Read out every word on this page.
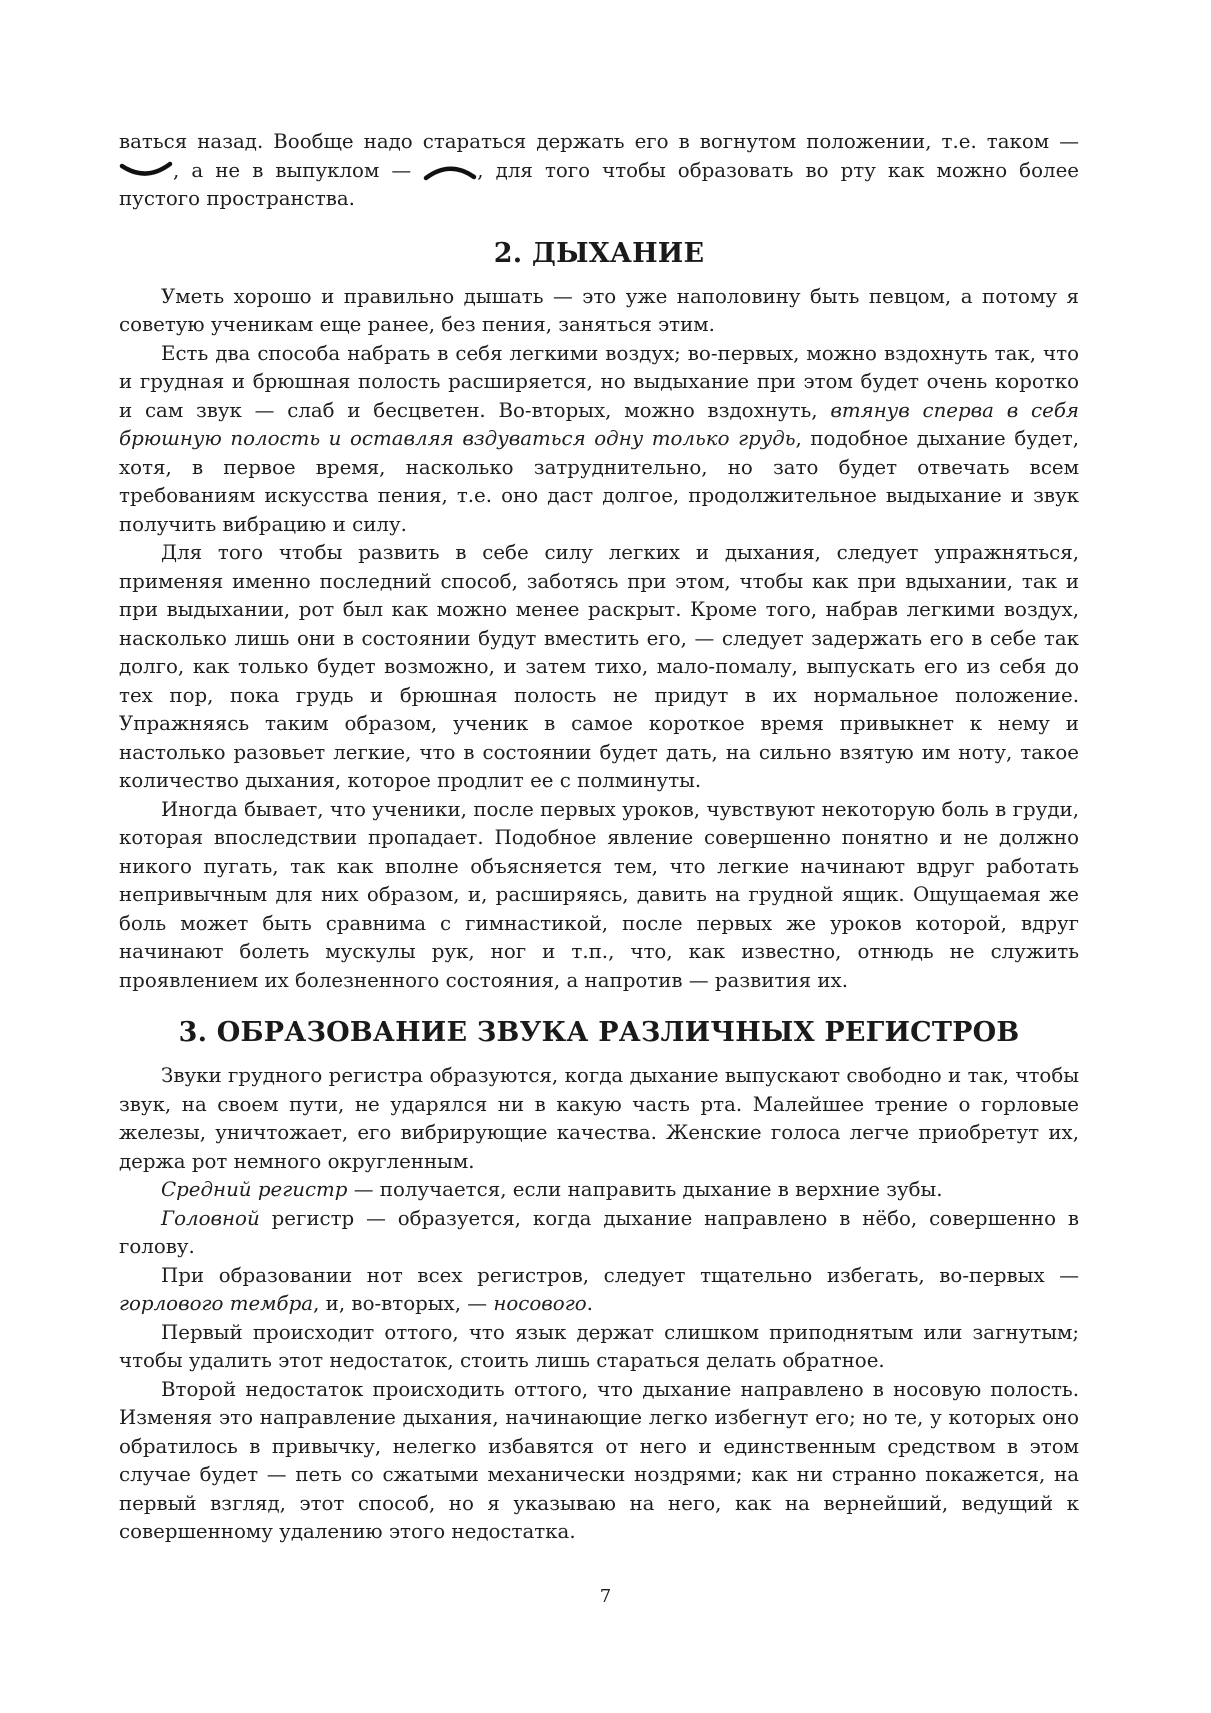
ваться назад. Вообще надо стараться держать его в вогнутом положении, т.е. таком —
, а не в выпуклом —	, для того чтобы образовать во рту как можно более пустого пространства.

2. ДЫХАНИЕ

Уметь хорошо и правильно дышать — это уже наполовину быть певцом, а потому я советую ученикам еще ранее, без пения, заняться этим.

Есть два способа набрать в себя легкими воздух; во-первых, можно вздохнуть так, что и грудная и брюшная полость расширяется, но выдыхание при этом будет очень коротко и сам звук — слаб и бесцветен. Во-вторых, можно вздохнуть, втянув сперва в себя брюшную полость и оставляя вздуваться одну только грудь, подобное дыхание будет, хотя, в первое время, насколько затруднительно, но зато будет отвечать всем требованиям искусства пения, т.е. оно даст долгое, продолжительное выдыхание и звук получить вибрацию и силу.

Для того чтобы развить в себе силу легких и дыхания, следует упражняться, применяя именно последний способ, заботясь при этом, чтобы как при вдыхании, так и при выдыхании, рот был как можно менее раскрыт. Кроме того, набрав легкими воздух, насколько лишь они в состоянии будут вместить его, — следует задержать его в себе так долго, как только будет возможно, и затем тихо, мало-помалу, выпускать его из себя до тех пор, пока грудь и брюшная полость не придут в их нормальное положение. Упражняясь таким образом, ученик в самое короткое время привыкнет к нему и настолько разовьет легкие, что в состоянии будет дать, на сильно взятую им ноту, такое количество дыхания, которое продлит ее с полминуты.

Иногда бывает, что ученики, после первых уроков, чувствуют некоторую боль в груди, которая впоследствии пропадает. Подобное явление совершенно понятно и не должно никого пугать, так как вполне объясняется тем, что легкие начинают вдруг работать непривычным для них образом, и, расширяясь, давить на грудной ящик. Ощущаемая же боль может быть сравнима с гимнастикой, после первых же уроков которой, вдруг начинают болеть мускулы рук, ног и т.п., что, как известно, отнюдь не служить проявлением их болезненного состояния, а напротив — развития их.

3. ОБРАЗОВАНИЕ ЗВУКА РАЗЛИЧНЫХ РЕГИСТРОВ

Звуки грудного регистра образуются, когда дыхание выпускают свободно и так, чтобы звук, на своем пути, не ударялся ни в какую часть рта. Малейшее трение о горловые железы, уничтожает, его вибрирующие качества. Женские голоса легче приобретут их, держа рот немного округленным.

Средний регистр — получается, если направить дыхание в верхние зубы.

Головной регистр — образуется, когда дыхание направлено в нёбо, совершенно в голову.

При образовании нот всех регистров, следует тщательно избегать, во-первых — горлового тембра, и, во-вторых, — носового.

Первый происходит оттого, что язык держат слишком приподнятым или загнутым; чтобы удалить этот недостаток, стоить лишь стараться делать обратное.

Второй недостаток происходить оттого, что дыхание направлено в носовую полость. Изменяя это направление дыхания, начинающие легко избегнут его; но те, у которых оно обратилось в привычку, нелегко избавятся от него и единственным средством в этом случае будет — петь со сжатыми механически ноздрями; как ни странно покажется, на первый взгляд, этот способ, но я указываю на него, как на вернейший, ведущий к совершенному удалению этого недостатка.

7
